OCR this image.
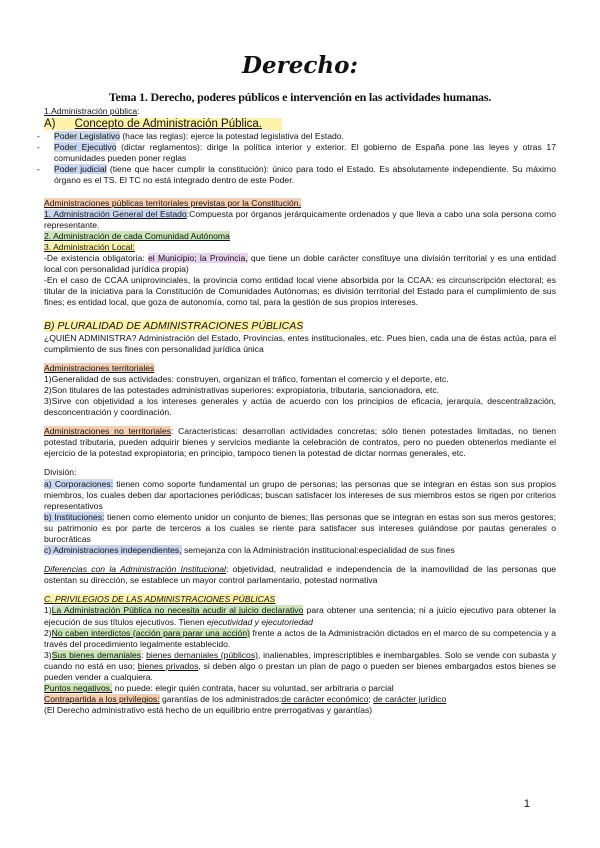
Derecho:
Tema 1. Derecho, poderes públicos e intervención en las actividades humanas.

1.Administración pública:

A) Concepto de Administración Pública.

- Poder Legislativo (hace las reglas): ejerce la potestad legislativa del Estado.
- Poder Ejecutivo (dictar reglamentos): dirige la política interior y exterior. El gobierno de España pone las leyes y otras 17 comunidades pueden poner reglas
- Poder judicial (tiene que hacer cumplir la constitución): único para todo el Estado. Es absolutamente independiente. Su máximo órgano es el TS. El TC no está integrado dentro de este Poder.

Administraciones públicas territoriales previstas por la Constitución.

1. Administración General del Estado:Compuesta por órganos jerárquicamente ordenados y que lleva a cabo una sola persona como representante.

2. Administración de cada Comunidad Autónoma

3. Administración Local:

-De existencia obligatoria: el Municipio; la Provincia, que tiene un doble carácter constituye una división territorial y es una entidad local con personalidad jurídica propia)

-En el caso de CCAA uniprovinciales, la provincia como entidad local viene absorbida por la CCAA: es circunscripción electoral; es titular de la iniciativa para la Constitución de Comunidades Autónomas; es división territorial del Estado para el cumplimiento de sus fines; es entidad local, que goza de autonomía, como tal, para la gestión de sus propios intereses.

B) PLURALIDAD DE ADMINISTRACIONES PÚBLICAS

¿QUIÉN ADMINISTRA? Administración del Estado, Provincias, entes institucionales, etc. Pues bien, cada una de éstas actúa, para el cumplimiento de sus fines con personalidad jurídica única

Administraciones territoriales

1)Generalidad de sus actividades: construyen, organizan el tráfico, fomentan el comercio y el deporte, etc.

2)Son titulares de las potestades administrativas superiores: expropiatoria, tributaria, sancionadora, etc.

3)Sirve con objetividad a los intereses generales y actúa de acuerdo con los principios de eficacia, jerarquía, descentralización, desconcentración y coordinación.

Administraciones no territoriales: Características: desarrollan actividades concretas; sólo tienen potestades limitadas, no tienen potestad tributaria, pueden adquirir bienes y servicios mediante la celebración de contratos, pero no pueden obtenerlos mediante el ejercicio de la potestad expropiatoria; en principio, tampoco tienen la potestad de dictar normas generales, etc.

División:

a) Corporaciones: tienen como soporte fundamental un grupo de personas; las personas que se integran en éstas son sus propios miembros, los cuales deben dar aportaciones periódicas; buscan satisfacer los intereses de sus miembros estos se rigen por criterios representativos

b) Instituciones: tienen como elemento unidor un conjunto de bienes; llas personas que se integran en estas son sus meros gestores; su patrimonio es por parte de terceros a los cuales se riente para satisfacer sus intereses guiándose por pautas generales o burocráticas

c) Administraciones independientes, semejanza con la Administración institucional:especialidad de sus fines

Diferencias con la Administración Institucional: objetividad, neutralidad e independencia de la inamovilidad de las personas que ostentan su dirección, se establece un mayor control parlamentario, potestad normativa

C. PRIVILEGIOS DE LAS ADMINISTRACIONES PÚBLICAS

1)La Administración Pública no necesita acudir al juicio declarativo para obtener una sentencia; ni a juicio ejecutivo para obtener la ejecución de sus títulos ejecutivos. Tienen ejecutividad y ejecutoriedad

2)No caben interdictos (acción para parar una acción) frente a actos de la Administración dictados en el marco de su competencia y a través del procedimiento legalmente establecido.

3)Sus bienes demaniales: bienes demaniales (públicos), inalienables, imprescriptibles e inembargables. Solo se vende con subasta y cuando no está en uso; bienes privados, si deben algo o prestan un plan de pago o pueden ser bienes embargados estos bienes se pueden vender a cualquiera.

Puntos negativos, no puede: elegir quién contrata, hacer su voluntad, ser arbitraria o parcial

Contrapartida a los privilegios: garantías de los administrados:de carácter económico; de carácter jurídico

(El Derecho administrativo está hecho de un equilibrio entre prerrogativas y garantías)

1
